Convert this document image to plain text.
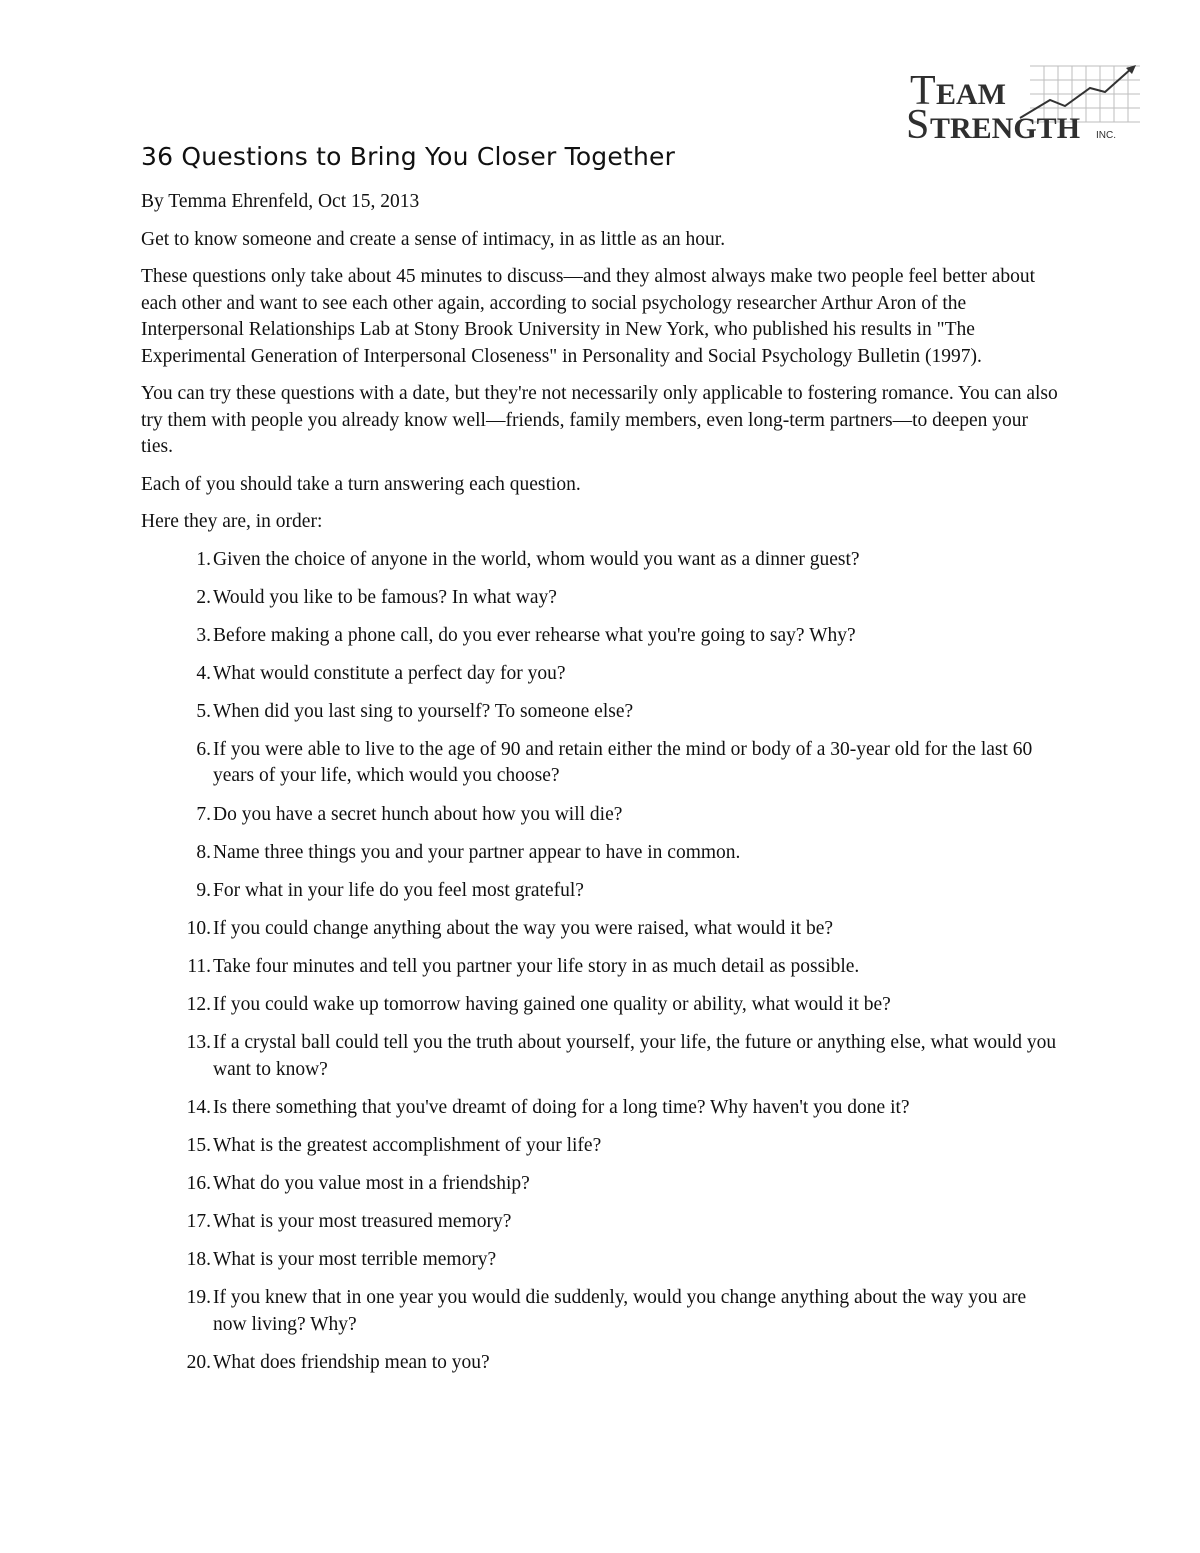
T EAM
S TRENGTH INC.
36 Questions to Bring You Closer Together

By Temma Ehrenfeld, Oct 15, 2013

Get to know someone and create a sense of intimacy, in as little as an hour.

These questions only take about 45 minutes to discuss—and they almost always make two people feel better about each other and want to see each other again, according to social psychology researcher Arthur Aron of the Interpersonal Relationships Lab at Stony Brook University in New York, who published his results in "The Experimental Generation of Interpersonal Closeness" in Personality and Social Psychology Bulletin (1997).

You can try these questions with a date, but they're not necessarily only applicable to fostering romance. You can also try them with people you already know well—friends, family members, even long-term partners—to deepen your ties.

Each of you should take a turn answering each question.

Here they are, in order:

1. Given the choice of anyone in the world, whom would you want as a dinner guest?
2. Would you like to be famous? In what way?
3. Before making a phone call, do you ever rehearse what you're going to say? Why?
4. What would constitute a perfect day for you?
5. When did you last sing to yourself? To someone else?
6. If you were able to live to the age of 90 and retain either the mind or body of a 30-year old for the last 60 years of your life, which would you choose?
7. Do you have a secret hunch about how you will die?
8. Name three things you and your partner appear to have in common.
9. For what in your life do you feel most grateful?
10. If you could change anything about the way you were raised, what would it be?
11. Take four minutes and tell you partner your life story in as much detail as possible.
12. If you could wake up tomorrow having gained one quality or ability, what would it be?
13. If a crystal ball could tell you the truth about yourself, your life, the future or anything else, what would you want to know?
14. Is there something that you've dreamt of doing for a long time? Why haven't you done it?
15. What is the greatest accomplishment of your life?
16. What do you value most in a friendship?
17. What is your most treasured memory?
18. What is your most terrible memory?
19. If you knew that in one year you would die suddenly, would you change anything about the way you are now living? Why?
20. What does friendship mean to you?
